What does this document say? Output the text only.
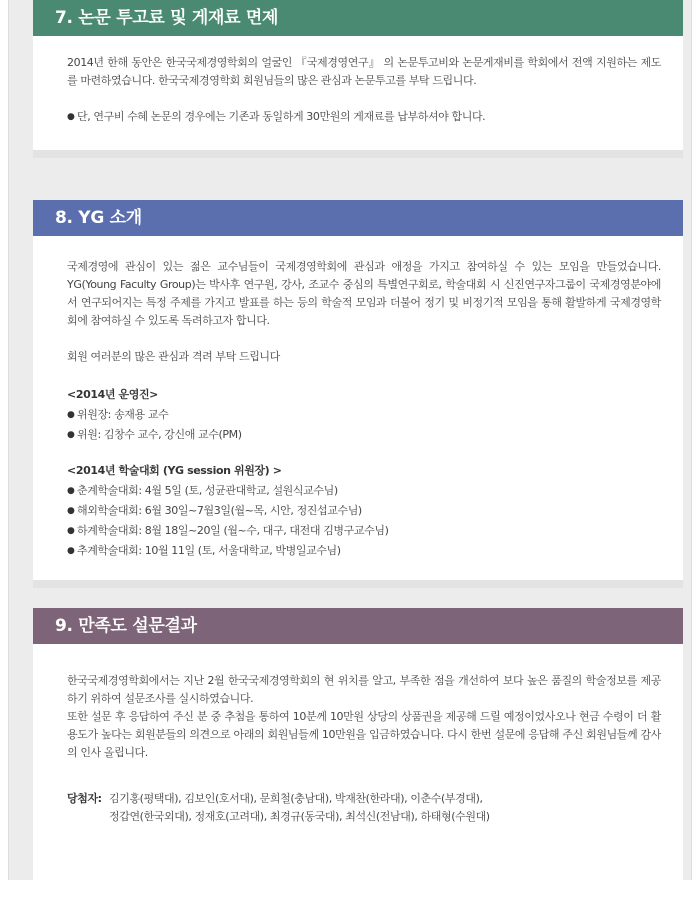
7. 논문 투고료 및 게재료 면제

2014년 한해 동안은 한국국제경영학회의 얼굴인 『국제경영연구』 의 논문투고비와 논문게재비를 학회에서 전액 지원하는 제도를 마련하였습니다. 한국국제경영학회 회원님들의 많은 관심과 논문투고를 부탁 드립니다.

● 단, 연구비 수혜 논문의 경우에는 기존과 동일하게 30만원의 게재료를 납부하셔야 합니다.
8. YG 소개

국제경영에 관심이 있는 젊은 교수님들이 국제경영학회에 관심과 애정을 가지고 참여하실 수 있는 모임을 만들었습니다. YG(Young Faculty Group)는 박사후 연구원, 강사, 조교수 중심의 특별연구회로, 학술대회 시 신진연구자그룹이 국제경영분야에서 연구되어지는 특정 주제를 가지고 발표를 하는 등의 학술적 모임과 더불어 정기 및 비정기적 모임을 통해 활발하게 국제경영학회에 참여하실 수 있도록 독려하고자 합니다.

회원 여러분의 많은 관심과 격려 부탁 드립니다

<2014년 운영진>
● 위원장: 송재용 교수
● 위원: 김창수 교수, 강신애 교수(PM)
<2014년 학술대회 (YG session 위원장) >
● 춘계학술대회: 4월 5일 (토, 성균관대학교, 설원식교수님)
● 해외학술대회: 6월 30일~7월3일(월~목, 시안, 정진섭교수님)
● 하계학술대회: 8월 18일~20일 (월~수, 대구, 대전대 김병구교수님)
● 추계학술대회: 10월 11일 (토, 서울대학교, 박병일교수님)
9. 만족도 설문결과

한국국제경영학회에서는 지난 2월 한국국제경영학회의 현 위치를 알고, 부족한 점을 개선하여 보다 높은 품질의 학술정보를 제공하기 위하여 설문조사를 실시하였습니다.

또한 설문 후 응답하여 주신 분 중 추첨을 통하여 10분께 10만원 상당의 상품권을 제공해 드릴 예정이었사오나 현금 수령이 더 활용도가 높다는 회원분들의 의견으로 아래의 회원님들께 10만원을 입금하였습니다. 다시 한번 설문에 응답해 주신 회원님들께 감사의 인사 올립니다.

당첨자: 김기홍(평택대), 김보인(호서대), 문희철(충남대), 박재찬(한라대), 이춘수(부경대),
정갑연(한국외대), 정재호(고려대), 최경규(동국대), 최석신(전남대), 하태형(수원대)
